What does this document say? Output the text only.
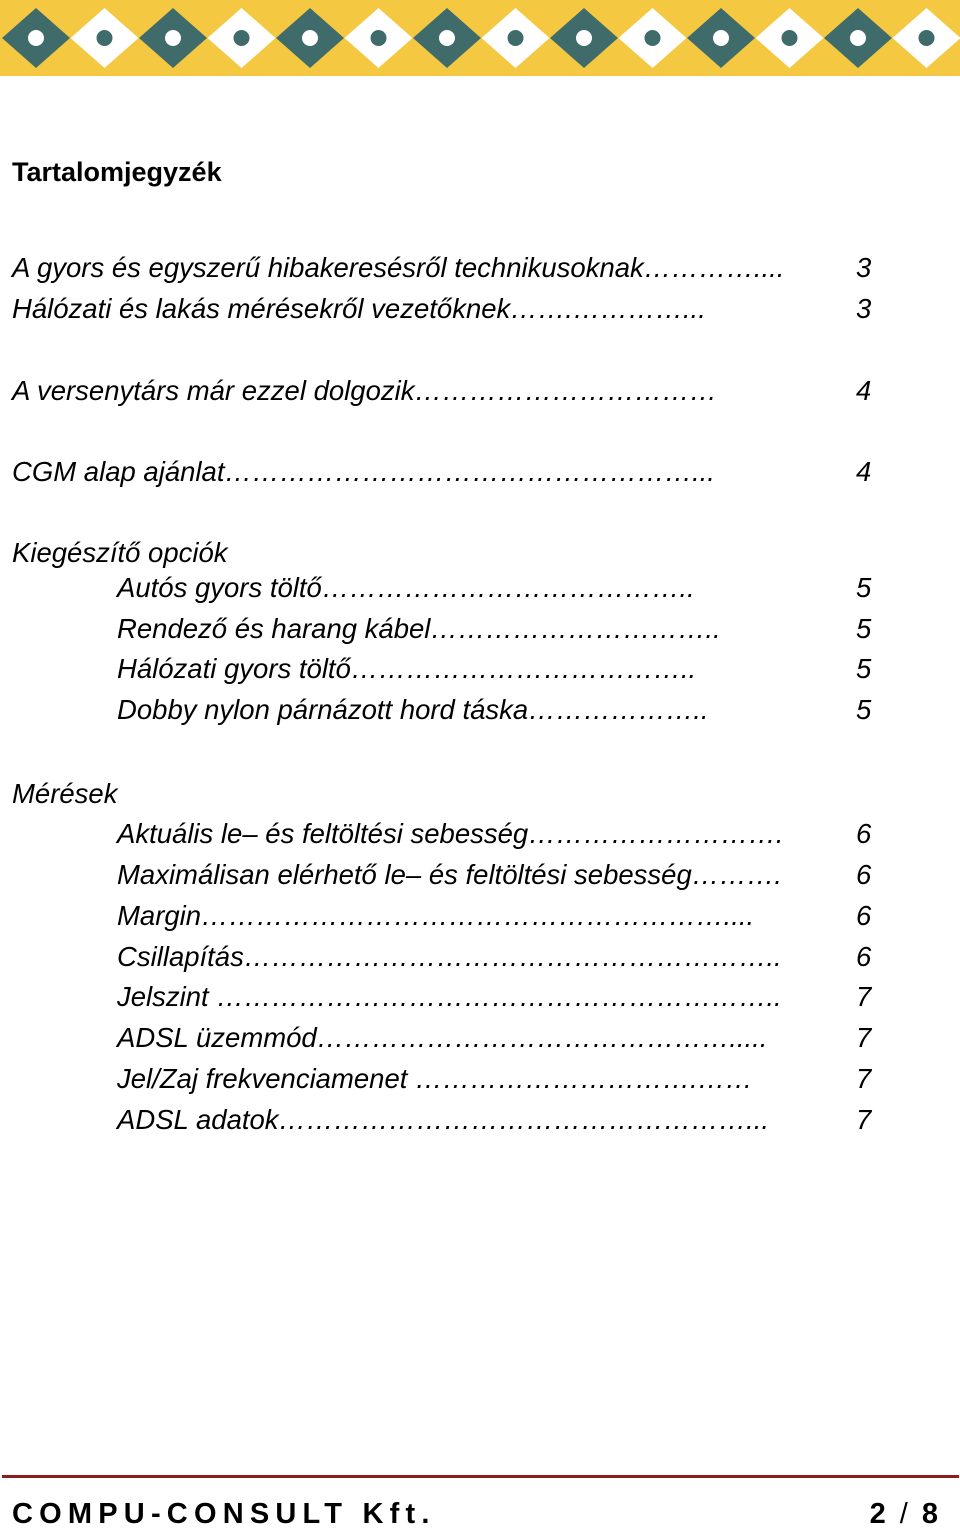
Tartalomjegyzék

A gyors és egyszerű hibakeresésről technikusoknak…………....	3

Hálózati és lakás mérésekről vezetőknek…….…………...	3

A versenytárs már ezzel dolgozik……………………………	4

CGM alap ajánlat……………………………………………...	4

Kiegészítő opciók

Autós gyors töltő…………………………………..	5

Rendező és harang kábel…………………………..	5

Hálózati gyors töltő………………………………..	5

Dobby nylon párnázott hord táska………………..	5

Mérések

Aktuális le– és feltöltési sebesség……………………….	6

Maximálisan elérhető le– és feltöltési sebesség……….	6

Margin…………………………………………………....	6

Csillapítás…………………………………………………..	6

Jelszint ……………………………………………………..	7

ADSL üzemmód……………………………………….....	7

Jel/Zaj frekvenciamenet ………………………….……	7

ADSL adatok……………………………………………...	7

COMPU-CONSULT Kft.	2 / 8
